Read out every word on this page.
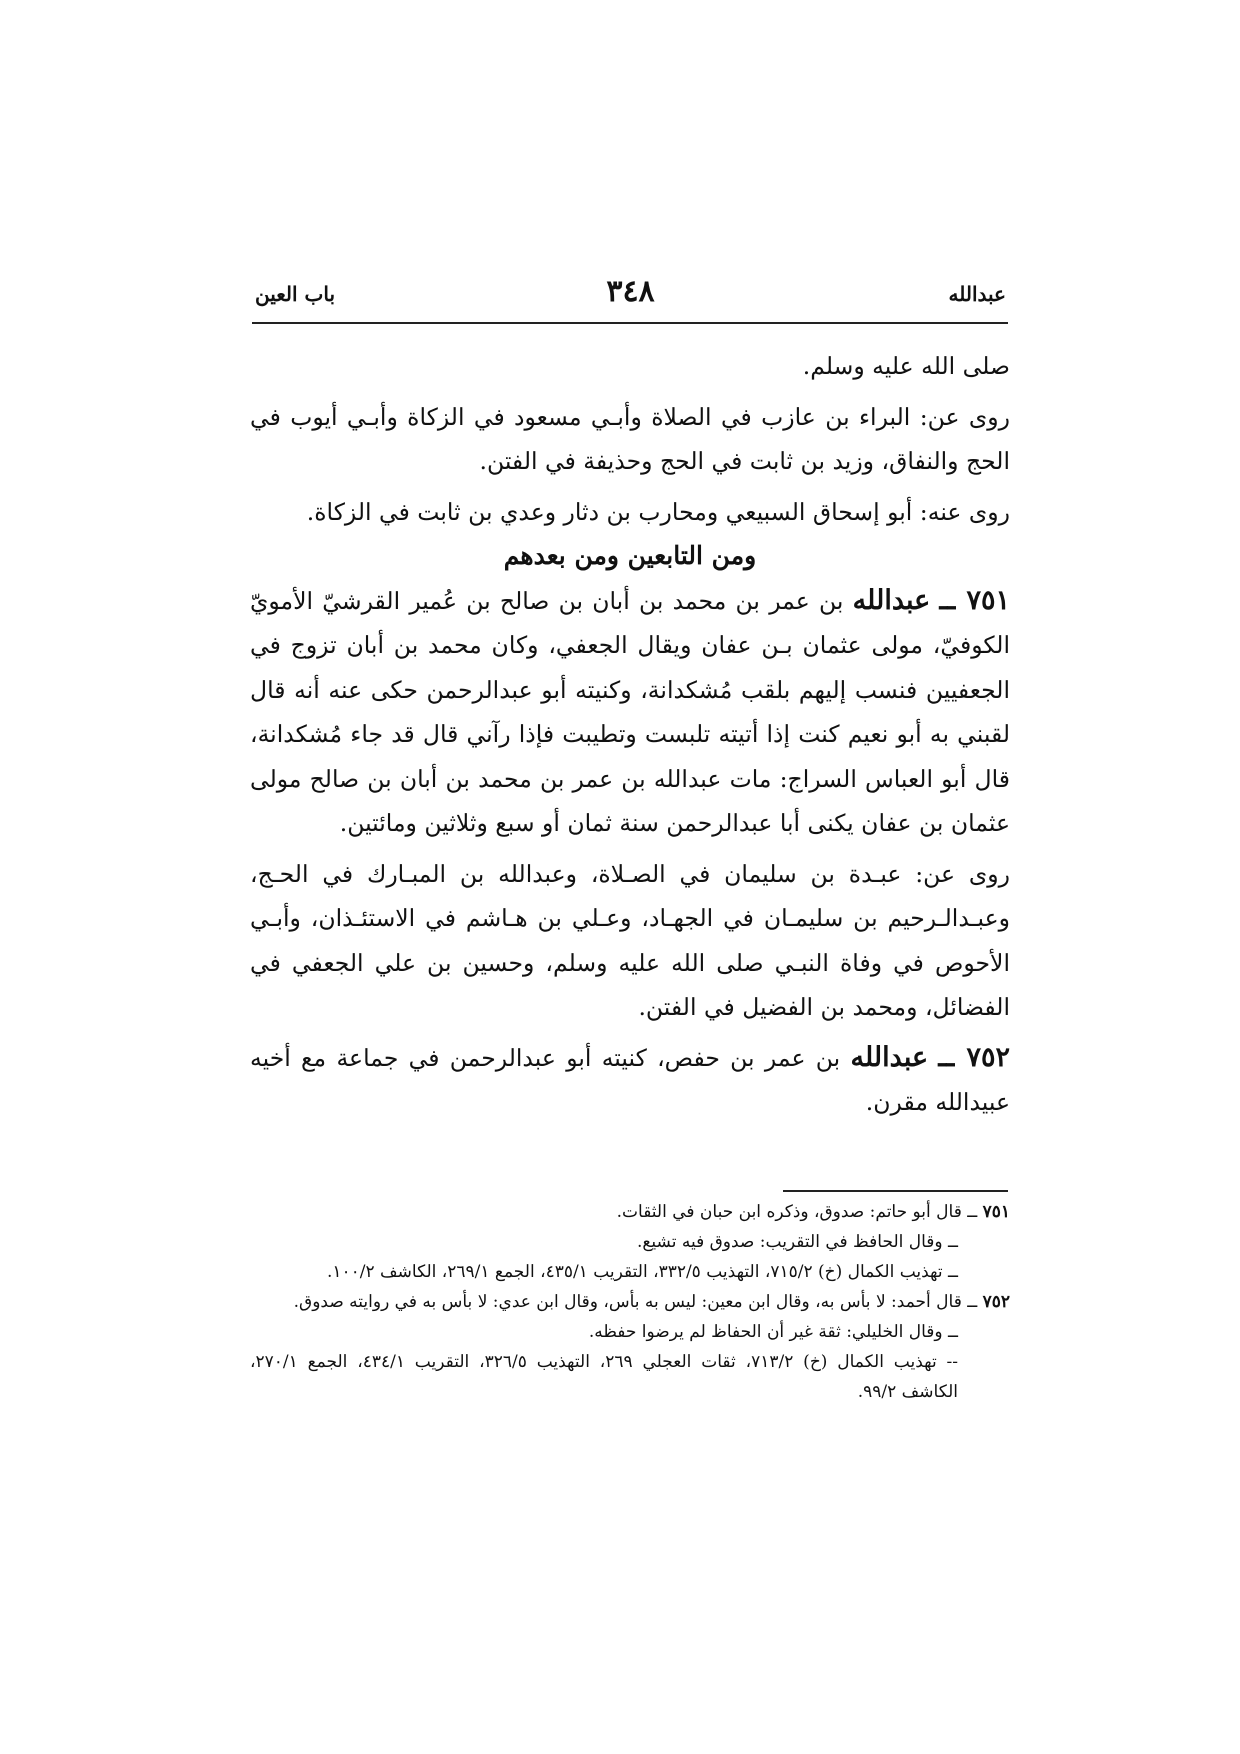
عبدالله
٣٤٨
باب العين

صلى الله عليه وسلم.

روى عن: البراء بن عازب في الصلاة وأبـي مسعود في الزكاة وأبـي أيوب في الحج والنفاق، وزيد بن ثابت في الحج وحذيفة في الفتن.

روى عنه: أبو إسحاق السبيعي ومحارب بن دثار وعدي بن ثابت في الزكاة.

ومن التابعين ومن بعدهم

٧٥١ ــ عبدالله بن عمر بن محمد بن أبان بن صالح بن عُمير القرشيّ الأمويّ الكوفيّ، مولى عثمان بـن عفان ويقال الجعفي، وكان محمد بن أبان تزوج في الجعفيين فنسب إليهم بلقب مُشكدانة، وكنيته أبو عبدالرحمن حكى عنه أنه قال لقبني به أبو نعيم كنت إذا أتيته تلبست وتطيبت فإذا رآني قال قد جاء مُشكدانة، قال أبو العباس السراج: مات عبدالله بن عمر بن محمد بن أبان بن صالح مولى عثمان بن عفان يكنى أبا عبدالرحمن سنة ثمان أو سبع وثلاثين ومائتين.

روى عن: عبـدة بن سليمان في الصـلاة، وعبدالله بن المبـارك في الحـج، وعبـدالـرحيم بن سليمـان في الجهـاد، وعـلي بن هـاشم في الاستئـذان، وأبـي الأحوص في وفاة النبـي صلى الله عليه وسلم، وحسين بن علي الجعفي في الفضائل، ومحمد بن الفضيل في الفتن.

٧٥٢ ــ عبدالله بن عمر بن حفص، كنيته أبو عبدالرحمن في جماعة مع أخيه عبيدالله مقرن.

٧٥١ ــ قال أبو حاتم: صدوق، وذكره ابن حبان في الثقات.

ــ وقال الحافظ في التقريب: صدوق فيه تشيع.

ــ تهذيب الكمال (خ) ٧١٥/٢، التهذيب ٣٣٢/٥، التقريب ٤٣٥/١، الجمع ٢٦٩/١، الكاشف ١٠٠/٢.

٧٥٢ ــ قال أحمد: لا بأس به، وقال ابن معين: ليس به بأس، وقال ابن عدي: لا بأس به في روايته صدوق.

ــ وقال الخليلي: ثقة غير أن الحفاظ لم يرضوا حفظه.

-- تهذيب الكمال (خ) ٧١٣/٢، ثقات العجلي ٢٦٩، التهذيب ٣٢٦/٥، التقريب ٤٣٤/١، الجمع ٢٧٠/١، الكاشف ٩٩/٢.
